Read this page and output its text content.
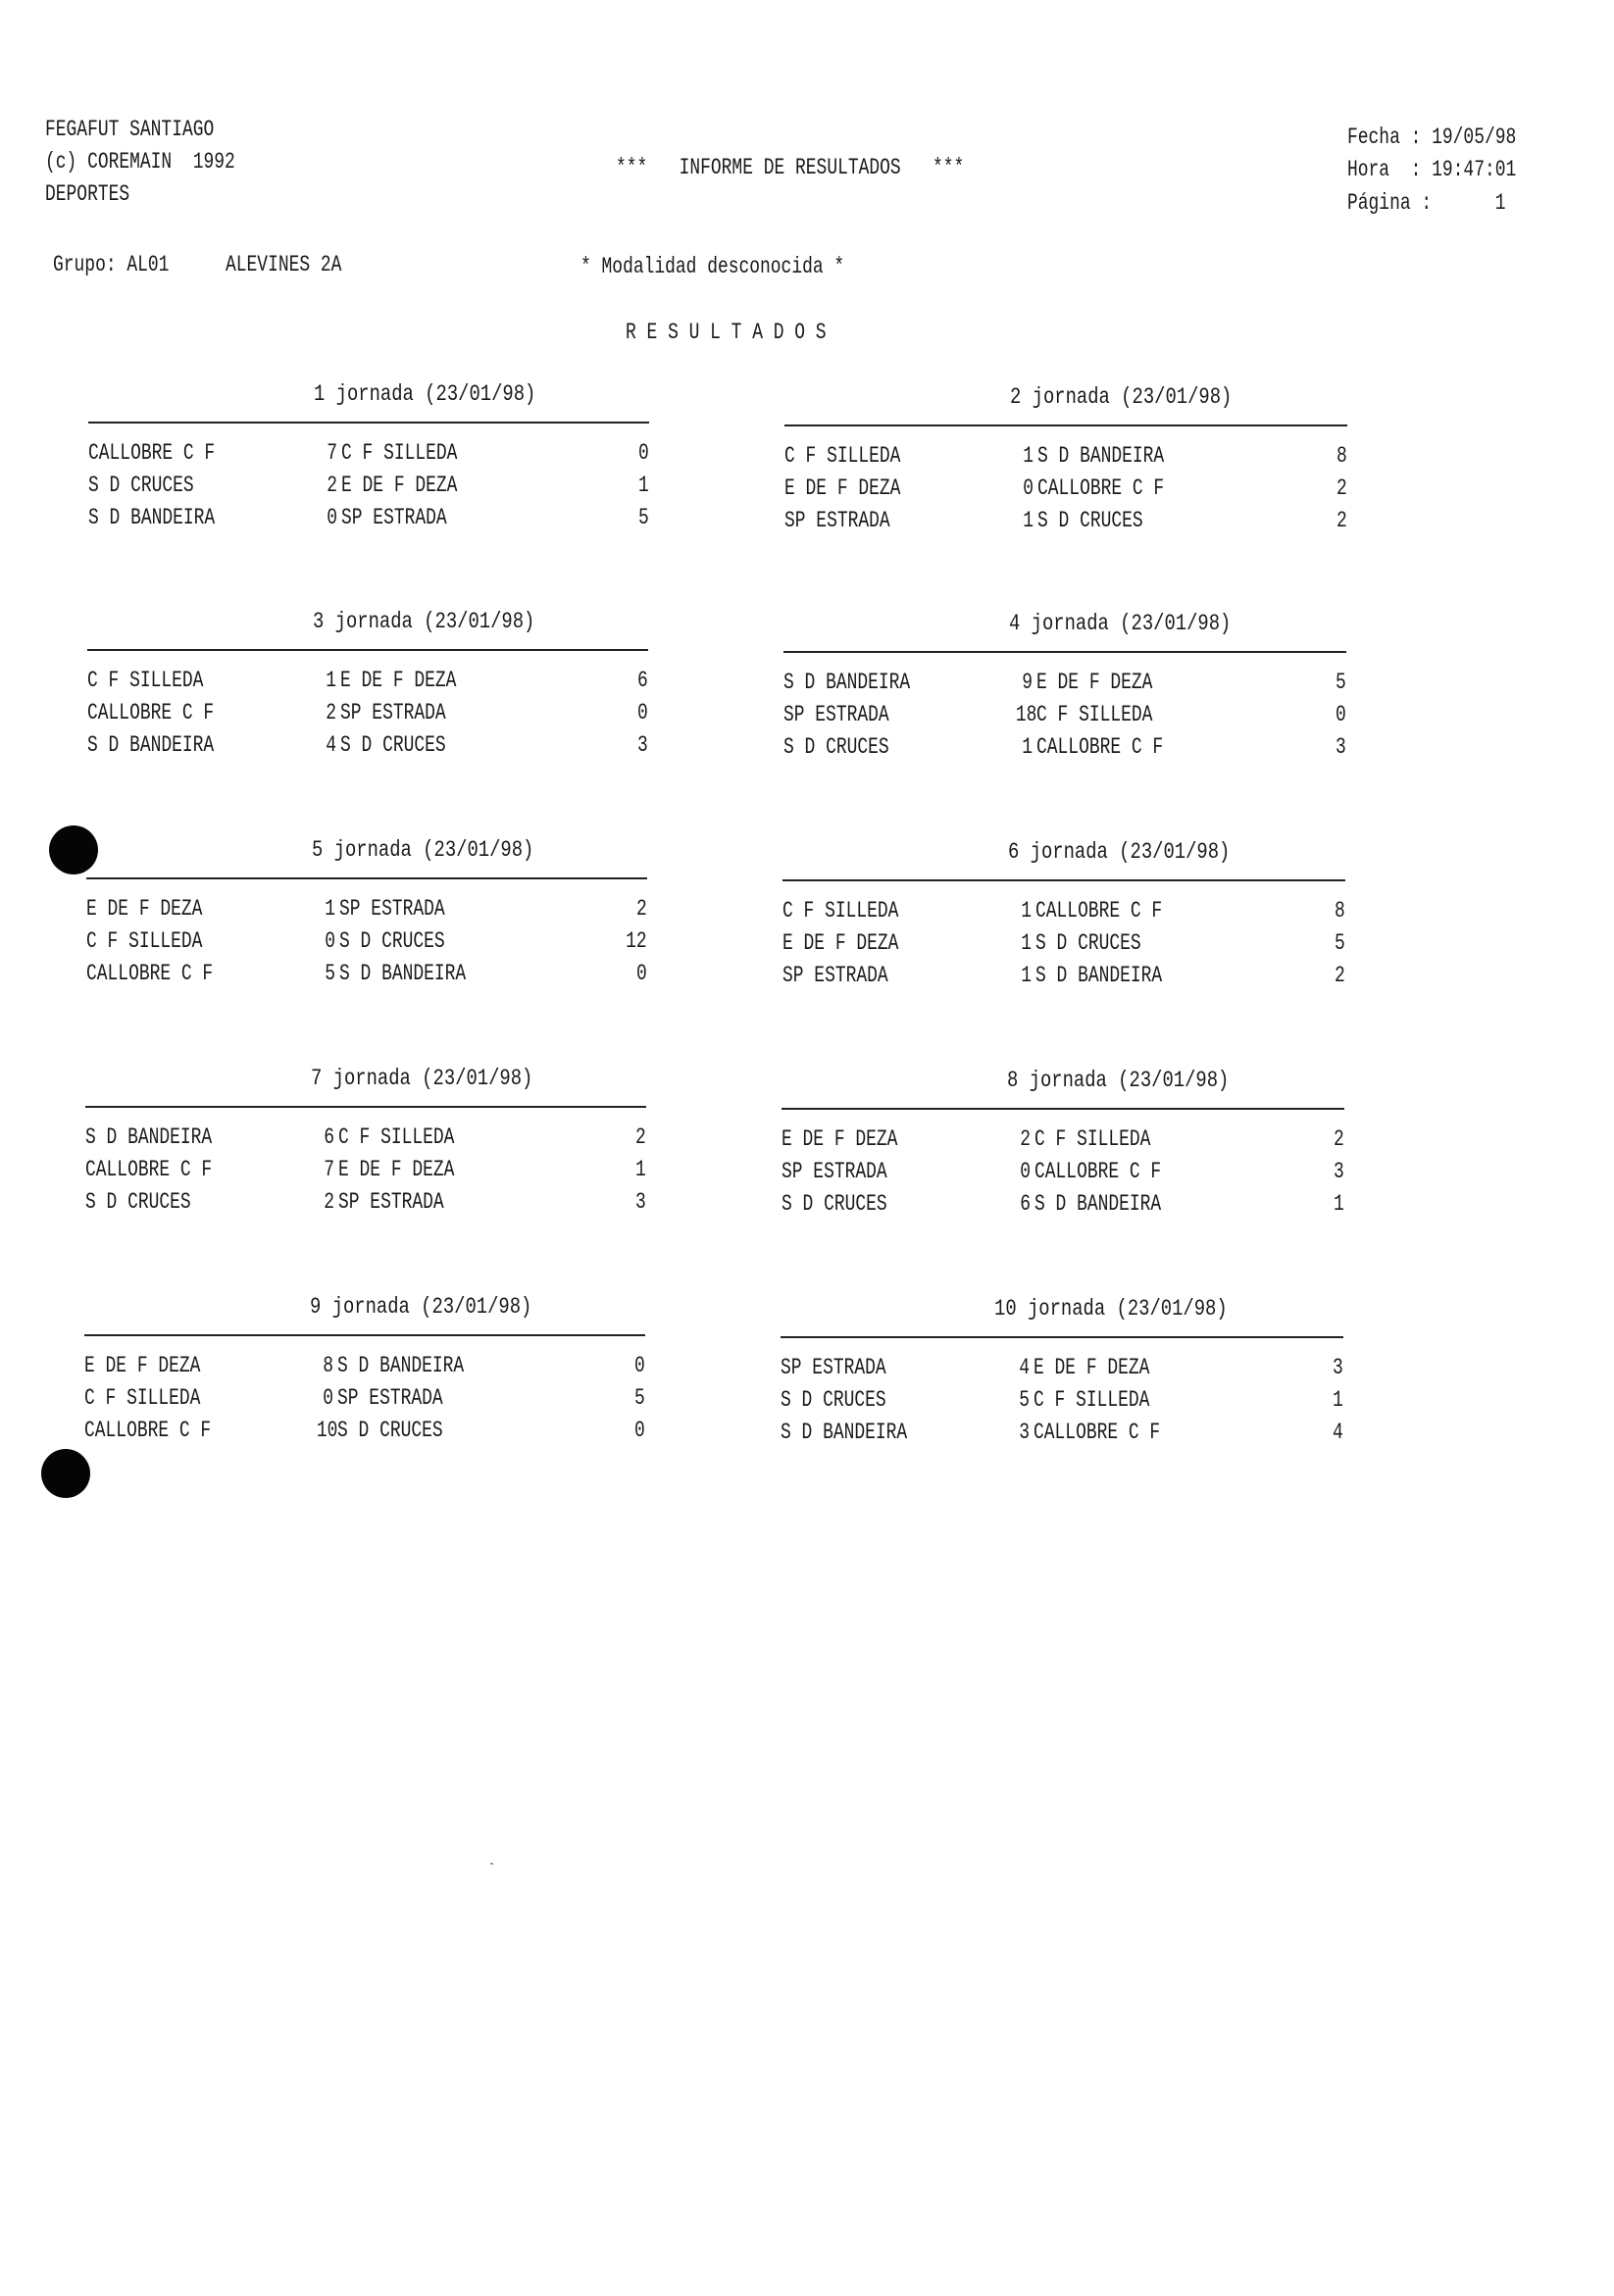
FEGAFUT SANTIAGO
(c) COREMAIN  1992
DEPORTES
***   INFORME DE RESULTADOS   ***
Fecha : 19/05/98
Hora  : 19:47:01
Página :      1
Grupo: AL01	ALEVINES 2A	* Modalidad desconocida *
R E S U L T A D O S
1 jornada (23/01/98)
CALLOBRE C F	7 C F SILLEDA	0
S D CRUCES	2 E DE F DEZA	1
S D BANDEIRA	0 SP ESTRADA	5
2 jornada (23/01/98)
C F SILLEDA	1 S D BANDEIRA	8
E DE F DEZA	0 CALLOBRE C F	2
SP ESTRADA	1 S D CRUCES	2
3 jornada (23/01/98)
C F SILLEDA	1 E DE F DEZA	6
CALLOBRE C F	2 SP ESTRADA	0
S D BANDEIRA	4 S D CRUCES	3
4 jornada (23/01/98)
S D BANDEIRA	9 E DE F DEZA	5
SP ESTRADA	18 C F SILLEDA	0
S D CRUCES	1 CALLOBRE C F	3
5 jornada (23/01/98)
E DE F DEZA	1 SP ESTRADA	2
C F SILLEDA	0 S D CRUCES	12
CALLOBRE C F	5 S D BANDEIRA	0
6 jornada (23/01/98)
C F SILLEDA	1 CALLOBRE C F	8
E DE F DEZA	1 S D CRUCES	5
SP ESTRADA	1 S D BANDEIRA	2
7 jornada (23/01/98)
S D BANDEIRA	6 C F SILLEDA	2
CALLOBRE C F	7 E DE F DEZA	1
S D CRUCES	2 SP ESTRADA	3
8 jornada (23/01/98)
E DE F DEZA	2 C F SILLEDA	2
SP ESTRADA	0 CALLOBRE C F	3
S D CRUCES	6 S D BANDEIRA	1
9 jornada (23/01/98)
E DE F DEZA	8 S D BANDEIRA	0
C F SILLEDA	0 SP ESTRADA	5
CALLOBRE C F	10 S D CRUCES	0
10 jornada (23/01/98)
SP ESTRADA	4 E DE F DEZA	3
S D CRUCES	5 C F SILLEDA	1
S D BANDEIRA	3 CALLOBRE C F	4
